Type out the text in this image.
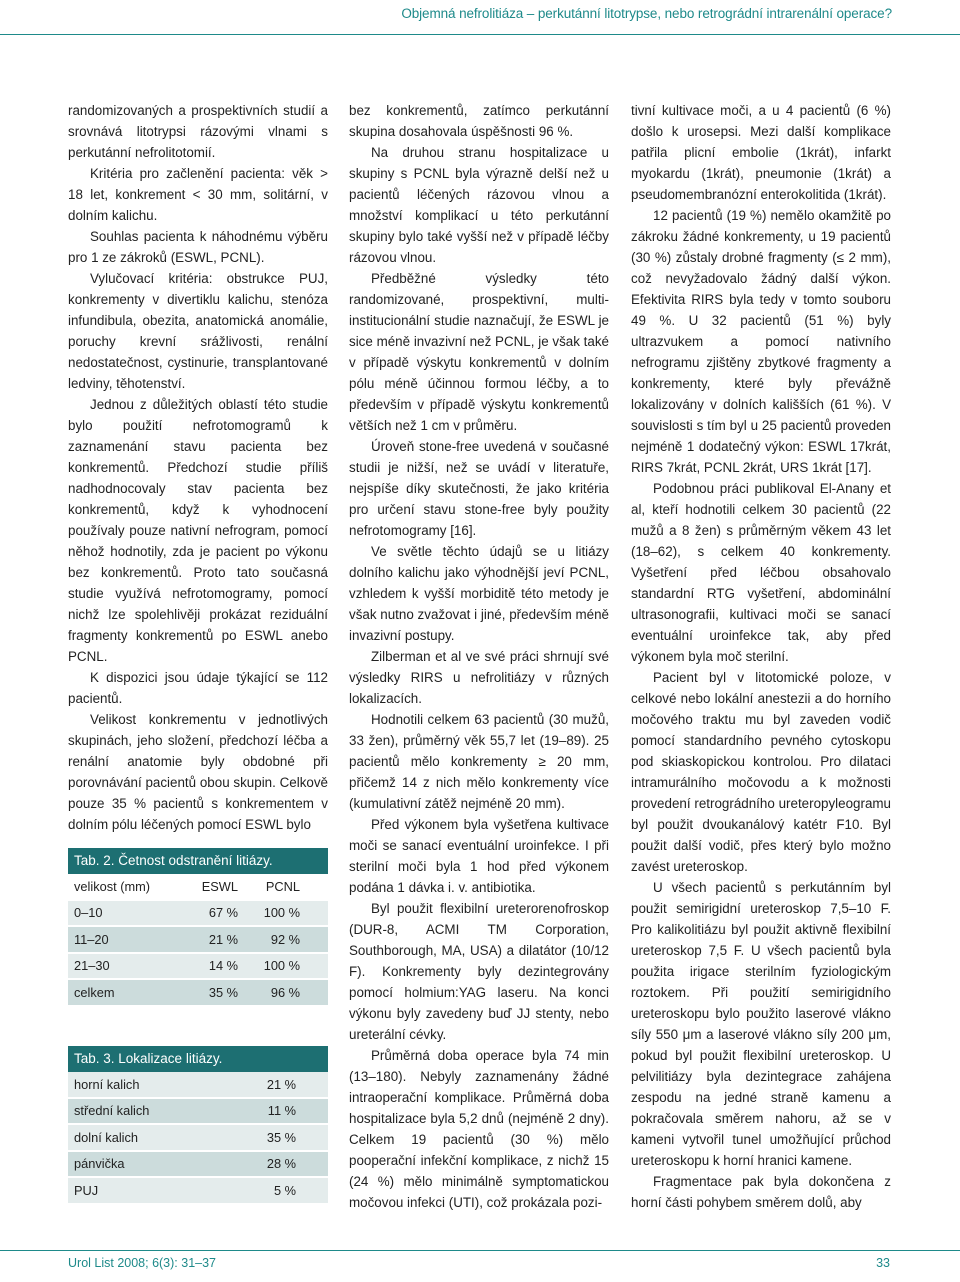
Objemná nefrolitiáza – perkutánní litotrypse, nebo retrográdní intrarenální operace?

randomizovaných a prospektivních studií a srovnává litotrypsi rázovými vlnami s perkutánní nefrolitotomií.

Kritéria pro začlenění pacienta: věk > 18 let, konkrement < 30 mm, solitární, v dolním kalichu.

Souhlas pacienta k náhodnému výběru pro 1 ze zákroků (ESWL, PCNL).

Vylučovací kritéria: obstrukce PUJ, konkrementy v divertiklu kalichu, stenóza infundibula, obezita, anatomická anomálie, poruchy krevní srážlivosti, renální nedostatečnost, cystinurie, transplantované ledviny, těhotenství.

Jednou z důležitých oblastí této studie bylo použití nefrotomogramů k zaznamenání stavu pacienta bez konkrementů. Předchozí studie příliš nadhodnocovaly stav pacienta bez konkrementů, když k vyhodnocení používaly pouze nativní nefrogram, pomocí něhož hodnotily, zda je pacient po výkonu bez konkrementů. Proto tato současná studie využívá nefrotomogramy, pomocí nichž lze spolehlivěji prokázat reziduální fragmenty konkrementů po ESWL anebo PCNL.

K dispozici jsou údaje týkající se 112 pacientů.

Velikost konkrementu v jednotlivých skupinách, jeho složení, předchozí léčba a renální anatomie byly obdobné při porovnávání pacientů obou skupin. Celkově pouze 35 % pacientů s konkrementem v dolním pólu léčených pomocí ESWL bylo

Tab. 2. Četnost odstranění litiázy.
velikost (mm)	ESWL	PCNL
0–10	67 %	100 %
11–20	21 %	92 %
21–30	14 %	100 %
celkem	35 %	96 %
Tab. 3. Lokalizace litiázy.
horní kalich	21 %
střední kalich	11 %
dolní kalich	35 %
pánvička	28 %
PUJ	5 %

bez konkrementů, zatímco perkutánní skupina dosahovala úspěšnosti 96 %.

Na druhou stranu hospitalizace u skupiny s PCNL byla výrazně delší než u pacientů léčených rázovou vlnou a množství komplikací u této perkutánní skupiny bylo také vyšší než v případě léčby rázovou vlnou.

Předběžné výsledky této randomizované, prospektivní, multi-institucionální studie naznačují, že ESWL je sice méně invazivní než PCNL, je však také v případě výskytu konkrementů v dolním pólu méně účinnou formou léčby, a to především v případě výskytu konkrementů větších než 1 cm v průměru.

Úroveň stone-free uvedená v současné studii je nižší, než se uvádí v literatuře, nejspíše díky skutečnosti, že jako kritéria pro určení stavu stone-free byly použity nefrotomogramy [16].

Ve světle těchto údajů se u litiázy dolního kalichu jako výhodnější jeví PCNL, vzhledem k vyšší morbiditě této metody je však nutno zvažovat i jiné, především méně invazivní postupy.

Zilberman et al ve své práci shrnují své výsledky RIRS u nefrolitiázy v různých lokalizacích.

Hodnotili celkem 63 pacientů (30 mužů, 33 žen), průměrný věk 55,7 let (19–89). 25 pacientů mělo konkrementy ≥ 20 mm, přičemž 14 z nich mělo konkrementy více (kumulativní zátěž nejméně 20 mm).

Před výkonem byla vyšetřena kultivace moči se sanací eventuální uroinfekce. I při sterilní moči byla 1 hod před výkonem podána 1 dávka i. v. antibiotika.

Byl použit flexibilní ureterorenofroskop (DUR-8, ACMI TM Corporation, Southborough, MA, USA) a dilatátor (10/12 F). Konkrementy byly dezintegrovány pomocí holmium:YAG laseru. Na konci výkonu byly zavedeny buď JJ stenty, nebo ureterální cévky.

Průměrná doba operace byla 74 min (13–180). Nebyly zaznamenány žádné intraoperační komplikace. Průměrná doba hospitalizace byla 5,2 dnů (nejméně 2 dny). Celkem 19 pacientů (30 %) mělo pooperační infekční komplikace, z nichž 15 (24 %) mělo minimálně symptomatickou močovou infekci (UTI), což prokázala pozi-

tivní kultivace moči, a u 4 pacientů (6 %) došlo k urosepsi. Mezi další komplikace patřila plicní embolie (1krát), infarkt myokardu (1krát), pneumonie (1krát) a pseudomembranózní enterokolitida (1krát).

12 pacientů (19 %) nemělo okamžitě po zákroku žádné konkrementy, u 19 pacientů (30 %) zůstaly drobné fragmenty (≤ 2 mm), což nevyžadovalo žádný další výkon. Efektivita RIRS byla tedy v tomto souboru 49 %. U 32 pacientů (51 %) byly ultrazvukem a pomocí nativního nefrogramu zjištěny zbytkové fragmenty a konkrementy, které byly převážně lokalizovány v dolních kališších (61 %). V souvislosti s tím byl u 25 pacientů proveden nejméně 1 dodatečný výkon: ESWL 17krát, RIRS 7krát, PCNL 2krát, URS 1krát [17].

Podobnou práci publikoval El-Anany et al, kteří hodnotili celkem 30 pacientů (22 mužů a 8 žen) s průměrným věkem 43 let (18–62), s celkem 40 konkrementy. Vyšetření před léčbou obsahovalo standardní RTG vyšetření, abdominální ultrasonografii, kultivaci moči se sanací eventuální uroinfekce tak, aby před výkonem byla moč sterilní.

Pacient byl v litotomické poloze, v celkové nebo lokální anestezii a do horního močového traktu mu byl zaveden vodič pomocí standardního pevného cytoskopu pod skiaskopickou kontrolou. Pro dilataci intramurálního močovodu a k možnosti provedení retrográdního ureteropyleogramu byl použit dvoukanálový katétr F10. Byl použit další vodič, přes který bylo možno zavést ureteroskop.

U všech pacientů s perkutánním byl použit semirigidní ureteroskop 7,5–10 F. Pro kalikolitiázu byl použit aktivně flexibilní ureteroskop 7,5 F. U všech pacientů byla použita irigace sterilním fyziologickým roztokem. Při použití semirigidního ureteroskopu bylo použito laserové vlákno síly 550 μm a laserové vlákno síly 200 μm, pokud byl použit flexibilní ureteroskop. U pelvilitiázy byla dezintegrace zahájena zespodu na jedné straně kamenu a pokračovala směrem nahoru, až se v kameni vytvořil tunel umožňující průchod ureteroskopu k horní hranici kamene.

Fragmentace pak byla dokončena z horní části pohybem směrem dolů, aby

Urol List 2008; 6(3): 31–37	33
